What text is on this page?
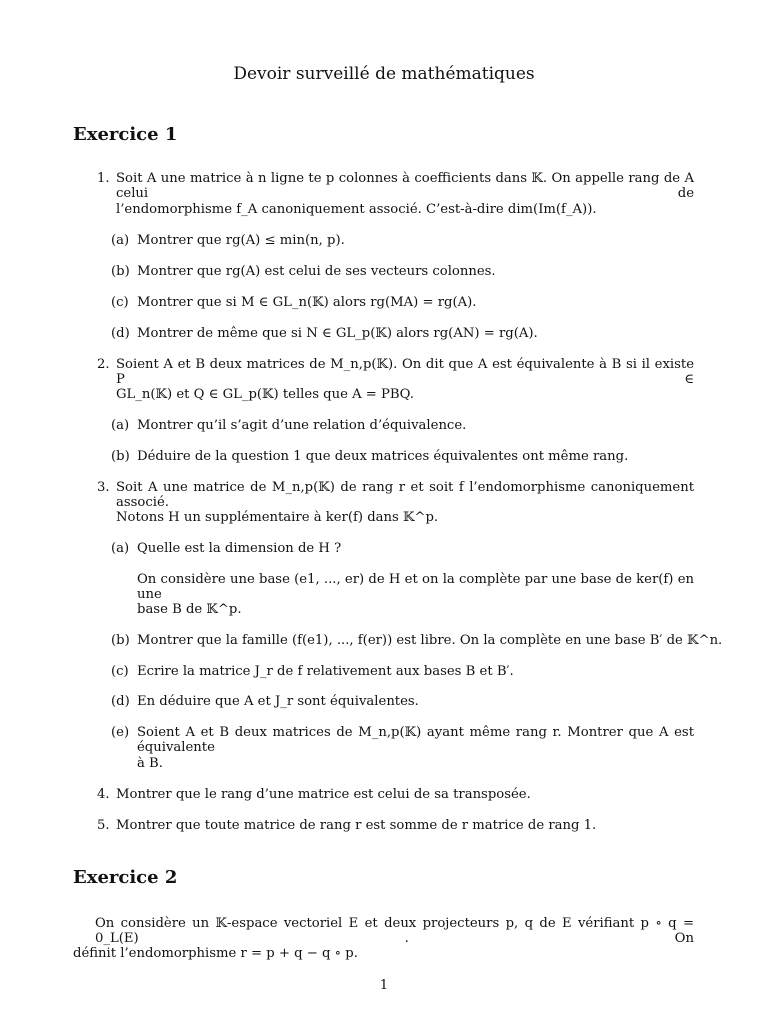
Devoir surveillé de mathématiques
Exercice 1
1. Soit A une matrice à n ligne te p colonnes à coefficients dans 𝕂. On appelle rang de A celui de
l’endomorphisme f_A canoniquement associé. C’est-à-dire dim(Im(f_A)).
(a) Montrer que rg(A) ≤ min(n, p).
(b) Montrer que rg(A) est celui de ses vecteurs colonnes.
(c) Montrer que si M ∈ GL_n(𝕂) alors rg(MA) = rg(A).
(d) Montrer de même que si N ∈ GL_p(𝕂) alors rg(AN) = rg(A).
2. Soient A et B deux matrices de M_n,p(𝕂). On dit que A est équivalente à B si il existe P ∈
GL_n(𝕂) et Q ∈ GL_p(𝕂) telles que A = PBQ.
(a) Montrer qu’il s’agit d’une relation d’équivalence.
(b) Déduire de la question 1 que deux matrices équivalentes ont même rang.
3. Soit A une matrice de M_n,p(𝕂) de rang r et soit f l’endomorphisme canoniquement associé.
Notons H un supplémentaire à ker(f) dans 𝕂^p.
(a) Quelle est la dimension de H ?
On considère une base (e1, ..., er) de H et on la complète par une base de ker(f) en une
base B de 𝕂^p.
(b) Montrer que la famille (f(e1), ..., f(er)) est libre. On la complète en une base B′ de 𝕂^n.
(c) Ecrire la matrice J_r de f relativement aux bases B et B′.
(d) En déduire que A et J_r sont équivalentes.
(e) Soient A et B deux matrices de M_n,p(𝕂) ayant même rang r. Montrer que A est équivalente
à B.
4. Montrer que le rang d’une matrice est celui de sa transposée.
5. Montrer que toute matrice de rang r est somme de r matrice de rang 1.
Exercice 2
On considère un 𝕂-espace vectoriel E et deux projecteurs p, q de E vérifiant p ∘ q = 0_L(E) . On
définit l’endomorphisme r = p + q − q ∘ p.
1
